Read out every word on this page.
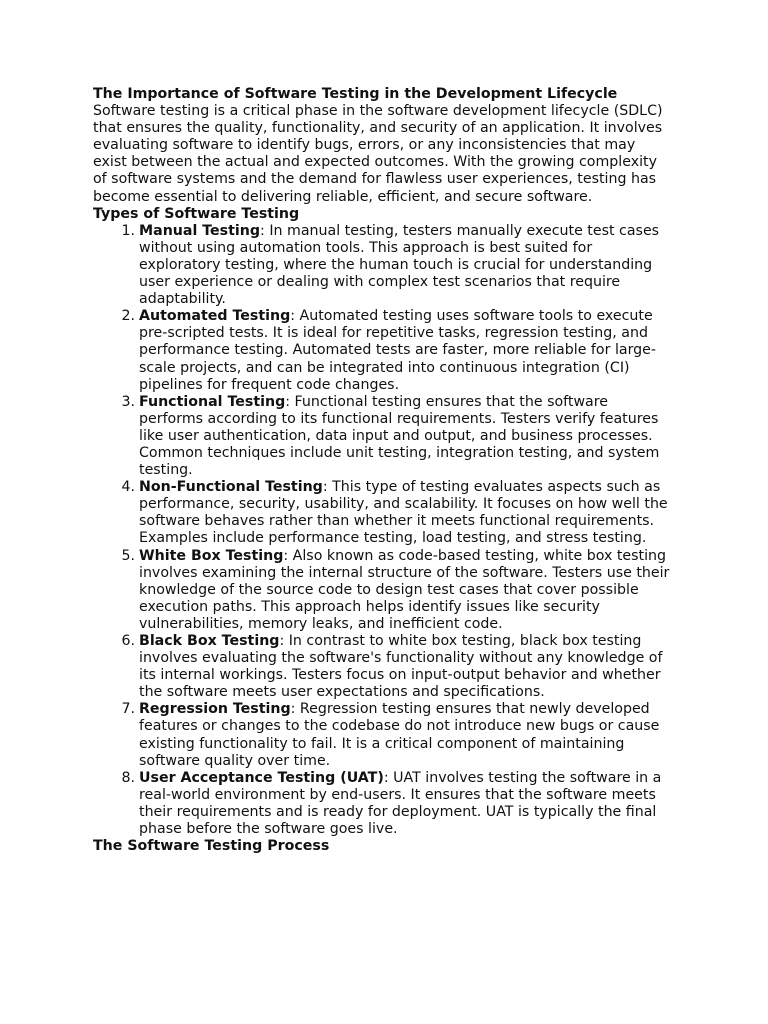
The Importance of Software Testing in the Development Lifecycle

Software testing is a critical phase in the software development lifecycle (SDLC) that ensures the quality, functionality, and security of an application. It involves evaluating software to identify bugs, errors, or any inconsistencies that may exist between the actual and expected outcomes. With the growing complexity of software systems and the demand for flawless user experiences, testing has become essential to delivering reliable, efficient, and secure software.

Types of Software Testing
1. Manual Testing: In manual testing, testers manually execute test cases without using automation tools. This approach is best suited for exploratory testing, where the human touch is crucial for understanding user experience or dealing with complex test scenarios that require adaptability.
2. Automated Testing: Automated testing uses software tools to execute pre-scripted tests. It is ideal for repetitive tasks, regression testing, and performance testing. Automated tests are faster, more reliable for large-scale projects, and can be integrated into continuous integration (CI) pipelines for frequent code changes.
3. Functional Testing: Functional testing ensures that the software performs according to its functional requirements. Testers verify features like user authentication, data input and output, and business processes. Common techniques include unit testing, integration testing, and system testing.
4. Non-Functional Testing: This type of testing evaluates aspects such as performance, security, usability, and scalability. It focuses on how well the software behaves rather than whether it meets functional requirements. Examples include performance testing, load testing, and stress testing.
5. White Box Testing: Also known as code-based testing, white box testing involves examining the internal structure of the software. Testers use their knowledge of the source code to design test cases that cover possible execution paths. This approach helps identify issues like security vulnerabilities, memory leaks, and inefficient code.
6. Black Box Testing: In contrast to white box testing, black box testing involves evaluating the software's functionality without any knowledge of its internal workings. Testers focus on input-output behavior and whether the software meets user expectations and specifications.
7. Regression Testing: Regression testing ensures that newly developed features or changes to the codebase do not introduce new bugs or cause existing functionality to fail. It is a critical component of maintaining software quality over time.
8. User Acceptance Testing (UAT): UAT involves testing the software in a real-world environment by end-users. It ensures that the software meets their requirements and is ready for deployment. UAT is typically the final phase before the software goes live.
The Software Testing Process
